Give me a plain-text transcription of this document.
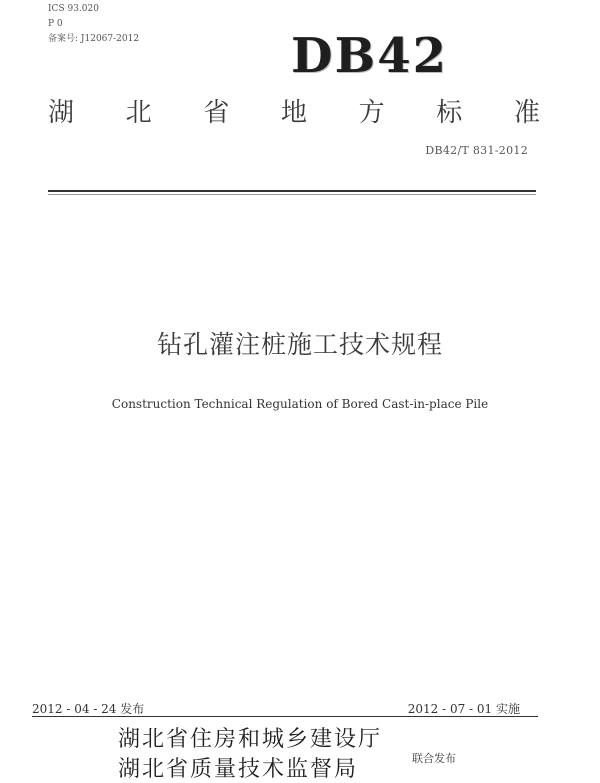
ICS 93.020
P 0
备案号: J12067-2012	DB42
湖 北 省 地 方 标 准
DB42/T 831-2012
钻孔灌注桩施工技术规程
Construction Technical Regulation of Bored Cast-in-place Pile
2012 - 04 - 24 发布	2012 - 07 - 01 实施
湖北省住房和城乡建设厅
湖北省质量技术监督局	联合发布
